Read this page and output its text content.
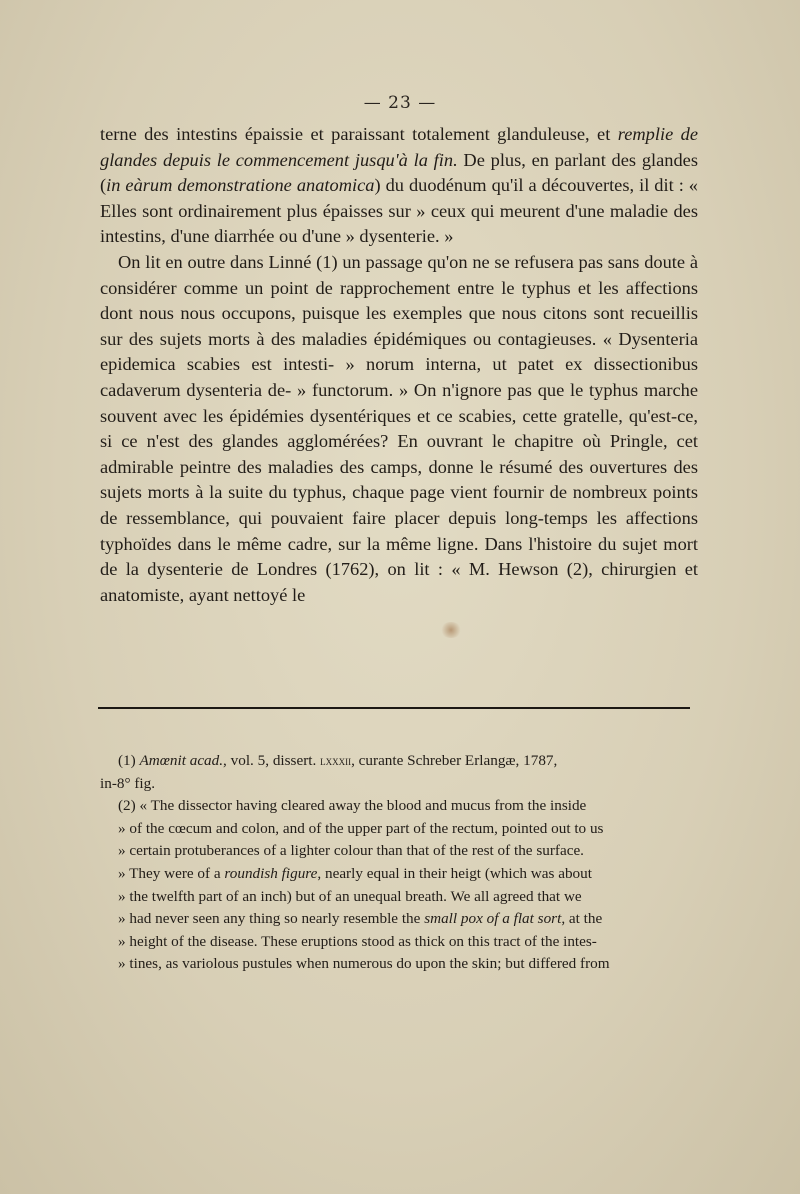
— 23 —

terne des intestins épaissie et paraissant totalement glanduleuse, et remplie de glandes depuis le commencement jusqu'à la fin. De plus, en parlant des glandes (in eàrum demonstratione anatomica) du duodénum qu'il a découvertes, il dit : « Elles sont ordinairement plus épaisses sur » ceux qui meurent d'une maladie des intestins, d'une diarrhée ou d'une » dysenterie. »

On lit en outre dans Linné (1) un passage qu'on ne se refusera pas sans doute à considérer comme un point de rapprochement entre le typhus et les affections dont nous nous occupons, puisque les exemples que nous citons sont recueillis sur des sujets morts à des maladies épidémiques ou contagieuses. « Dysenteria epidemica scabies est intesti- » norum interna, ut patet ex dissectionibus cadaverum dysenteria de- » functorum. » On n'ignore pas que le typhus marche souvent avec les épidémies dysentériques et ce scabies, cette gratelle, qu'est-ce, si ce n'est des glandes agglomérées? En ouvrant le chapitre où Pringle, cet admirable peintre des maladies des camps, donne le résumé des ouvertures des sujets morts à la suite du typhus, chaque page vient fournir de nombreux points de ressemblance, qui pouvaient faire placer depuis long-temps les affections typhoïdes dans le même cadre, sur la même ligne. Dans l'histoire du sujet mort de la dysenterie de Londres (1762), on lit : « M. Hewson (2), chirurgien et anatomiste, ayant nettoyé le

(1) Amœnit acad., vol. 5, dissert. lxxxii, curante Schreber Erlangæ, 1787,
in-8° fig.
(2) « The dissector having cleared away the blood and mucus from the inside
» of the cœcum and colon, and of the upper part of the rectum, pointed out to us
» certain protuberances of a lighter colour than that of the rest of the surface.
» They were of a roundish figure, nearly equal in their heigt (which was about
» the twelfth part of an inch) but of an unequal breath. We all agreed that we
» had never seen any thing so nearly resemble the small pox of a flat sort, at the
» height of the disease. These eruptions stood as thick on this tract of the intes-
» tines, as variolous pustules when numerous do upon the skin; but differed from
